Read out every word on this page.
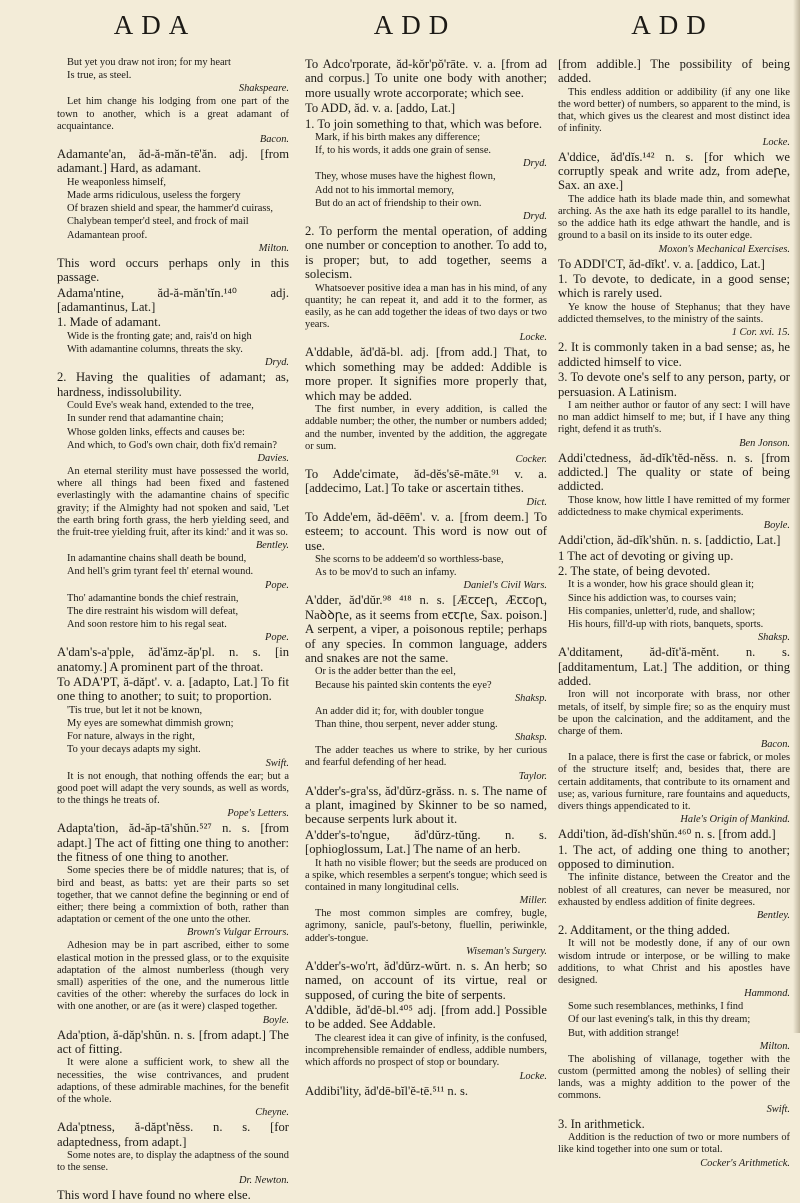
ADA	ADD	ADD

But yet you draw not iron; for my heart

Is true, as steel.

Shakspeare.

Let him change his lodging from one part of the town to another, which is a great adamant of acquaintance.

Bacon.

Adamante'an, ăd-ă-măn-tē'ăn. adj. [from adamant.] Hard, as adamant.

He weaponless himself,

Made arms ridiculous, useless the forgery

Of brazen shield and spear, the hammer'd cuirass,

Chalybean temper'd steel, and frock of mail

Adamantean proof.

Milton.

This word occurs perhaps only in this passage.

Adama'ntine, ăd-ă-măn'tĭn.¹⁴⁰ adj. [adamantinus, Lat.]

1. Made of adamant.

Wide is the fronting gate; and, rais'd on high

With adamantine columns, threats the sky.

Dryd.

2. Having the qualities of adamant; as, hardness, indissolubility.

Could Eve's weak hand, extended to the tree,

In sunder rend that adamantine chain;

Whose golden links, effects and causes be:

And which, to God's own chair, doth fix'd remain?

Davies.

An eternal sterility must have possessed the world, where all things had been fixed and fastened everlastingly with the adamantine chains of specific gravity; if the Almighty had not spoken and said, 'Let the earth bring forth grass, the herb yielding seed, and the fruit-tree yielding fruit, after its kind:' and it was so.

Bentley.

In adamantine chains shall death be bound,

And hell's grim tyrant feel th' eternal wound.

Pope.

Tho' adamantine bonds the chief restrain,

The dire restraint his wisdom will defeat,

And soon restore him to his regal seat.

Pope.

A'dam's-a'pple, ăd'ămz-ăp'pl. n. s. [in anatomy.] A prominent part of the throat.

To ADA'PT, ă-dăpt'. v. a. [adapto, Lat.] To fit one thing to another; to suit; to proportion.

'Tis true, but let it not be known,

My eyes are somewhat dimmish grown;

For nature, always in the right,

To your decays adapts my sight.

Swift.

It is not enough, that nothing offends the ear; but a good poet will adapt the very sounds, as well as words, to the things he treats of.

Pope's Letters.

Adapta'tion, ăd-ăp-tā'shŭn.⁵²⁷ n. s. [from adapt.] The act of fitting one thing to another: the fitness of one thing to another.

Some species there be of middle natures; that is, of bird and beast, as batts: yet are their parts so set together, that we cannot define the beginning or end of either; there being a commixtion of both, rather than adaptation or cement of the one unto the other.

Brown's Vulgar Errours.

Adhesion may be in part ascribed, either to some elastical motion in the pressed glass, or to the exquisite adaptation of the almost numberless (though very small) asperities of the one, and the numerous little cavities of the other: whereby the surfaces do lock in with one another, or are (as it were) clasped together.

Boyle.

Ada'ption, ă-dăp'shŭn. n. s. [from adapt.] The act of fitting.

It were alone a sufficient work, to shew all the necessities, the wise contrivances, and prudent adaptions, of these admirable machines, for the benefit of the whole.

Cheyne.

Ada'ptness, ă-dăpt'nĕss. n. s. [for adaptedness, from adapt.]

Some notes are, to display the adaptness of the sound to the sense.

Dr. Newton.

This word I have found no where else.

To Adco'rporate, ăd-kŏr'pŏ'rāte. v. a. [from ad and corpus.] To unite one body with another; more usually wrote accorporate; which see.

To ADD, ăd. v. a. [addo, Lat.]

1. To join something to that, which was before.

Mark, if his birth makes any difference;

If, to his words, it adds one grain of sense.

Dryd.

They, whose muses have the highest flown,

Add not to his immortal memory,

But do an act of friendship to their own.

Dryd.

2. To perform the mental operation, of adding one number or conception to another. To add to, is proper; but, to add together, seems a solecism.

Whatsoever positive idea a man has in his mind, of any quantity; he can repeat it, and add it to the former, as easily, as he can add together the ideas of two days or two years.

Locke.

A'ddable, ăd'dă-bl. adj. [from add.] That, to which something may be added: Addible is more proper. It signifies more properly that, which may be added.

The first number, in every addition, is called the addable number; the other, the number or numbers added; and the number, invented by the addition, the aggregate or sum.

Cocker.

To Adde'cimate, ăd-dĕs'sē-māte.⁹¹ v. a. [addecimo, Lat.] To take or ascertain tithes.

Dict.

To Adde'em, ăd-dēēm'. v. a. [from deem.] To esteem; to account. This word is now out of use.

She scorns to be addeem'd so worthless-base,

As to be mov'd to such an infamy.

Daniel's Civil Wars.

A'dder, ăd'dŭr.⁹⁸ ⁴¹⁸ n. s. [Æꞇꞇeꞃ, Æꞇꞇoꞃ, Naꝺꝺꞃe, as it seems from eꞇꞇꞃe, Sax. poison.] A serpent, a viper, a poisonous reptile; perhaps of any species. In common language, adders and snakes are not the same.

Or is the adder better than the eel,

Because his painted skin contents the eye?

Shaksp.

An adder did it; for, with doubler tongue

Than thine, thou serpent, never adder stung.

Shaksp.

The adder teaches us where to strike, by her curious and fearful defending of her head.

Taylor.

A'dder's-gra'ss, ăd'dŭrz-grăss. n. s. The name of a plant, imagined by Skinner to be so named, because serpents lurk about it.

A'dder's-to'ngue, ăd'dŭrz-tŭng. n. s. [ophioglossum, Lat.] The name of an herb.

It hath no visible flower; but the seeds are produced on a spike, which resembles a serpent's tongue; which seed is contained in many longitudinal cells.

Miller.

The most common simples are comfrey, bugle, agrimony, sanicle, paul's-betony, fluellin, periwinkle, adder's-tongue.

Wiseman's Surgery.

A'dder's-wo'rt, ăd'dŭrz-wŭrt. n. s. An herb; so named, on account of its virtue, real or supposed, of curing the bite of serpents.

A'ddible, ăd'dē-bl.⁴⁰⁵ adj. [from add.] Possible to be added. See Addable.

The clearest idea it can give of infinity, is the confused, incomprehensible remainder of endless, addible numbers, which affords no prospect of stop or boundary.

Locke.

Addibi'lity, ăd'dē-bĭl'ĕ-tē.⁵¹¹ n. s.

[from addible.] The possibility of being added.

This endless addition or addibility (if any one like the word better) of numbers, so apparent to the mind, is that, which gives us the clearest and most distinct idea of infinity.

Locke.

A'ddice, ăd'dĭs.¹⁴² n. s. [for which we corruptly speak and write adz, from adeꞃe, Sax. an axe.]

The addice hath its blade made thin, and somewhat arching. As the axe hath its edge parallel to its handle, so the addice hath its edge athwart the handle, and is ground to a basil on its inside to its outer edge.

Moxon's Mechanical Exercises.

To ADDI'CT, ăd-dĭkt'. v. a. [addico, Lat.]

1. To devote, to dedicate, in a good sense; which is rarely used.

Ye know the house of Stephanus; that they have addicted themselves, to the ministry of the saints.

1 Cor. xvi. 15.

2. It is commonly taken in a bad sense; as, he addicted himself to vice.

3. To devote one's self to any person, party, or persuasion. A Latinism.

I am neither author or fautor of any sect: I will have no man addict himself to me; but, if I have any thing right, defend it as truth's.

Ben Jonson.

Addi'ctedness, ăd-dĭk'tĕd-nĕss. n. s. [from addicted.] The quality or state of being addicted.

Those know, how little I have remitted of my former addictedness to make chymical experiments.

Boyle.

Addi'ction, ăd-dĭk'shŭn. n. s. [addictio, Lat.]

1 The act of devoting or giving up.

2. The state, of being devoted.

It is a wonder, how his grace should glean it;

Since his addiction was, to courses vain;

His companies, unletter'd, rude, and shallow;

His hours, fill'd-up with riots, banquets, sports.

Shaksp.

A'dditament, ăd-dĭt'ă-mĕnt. n. s. [additamentum, Lat.] The addition, or thing added.

Iron will not incorporate with brass, nor other metals, of itself, by simple fire; so as the enquiry must be upon the calcination, and the additament, and the charge of them.

Bacon.

In a palace, there is first the case or fabrick, or moles of the structure itself; and, besides that, there are certain additaments, that contribute to its ornament and use; as, various furniture, rare fountains and aqueducts, divers things appendicated to it.

Hale's Origin of Mankind.

Addi'tion, ăd-dĭsh'shŭn.⁴⁶⁰ n. s. [from add.]

1. The act, of adding one thing to another; opposed to diminution.

The infinite distance, between the Creator and the noblest of all creatures, can never be measured, nor exhausted by endless addition of finite degrees.

Bentley.

2. Additament, or the thing added.

It will not be modestly done, if any of our own wisdom intrude or interpose, or be willing to make additions, to what Christ and his apostles have designed.

Hammond.

Some such resemblances, methinks, I find

Of our last evening's talk, in this thy dream;

But, with addition strange!

Milton.

The abolishing of villanage, together with the custom (permitted among the nobles) of selling their lands, was a mighty addition to the power of the commons.

Swift.

3. In arithmetick.

Addition is the reduction of two or more numbers of like kind together into one sum or total.

Cocker's Arithmetick.
